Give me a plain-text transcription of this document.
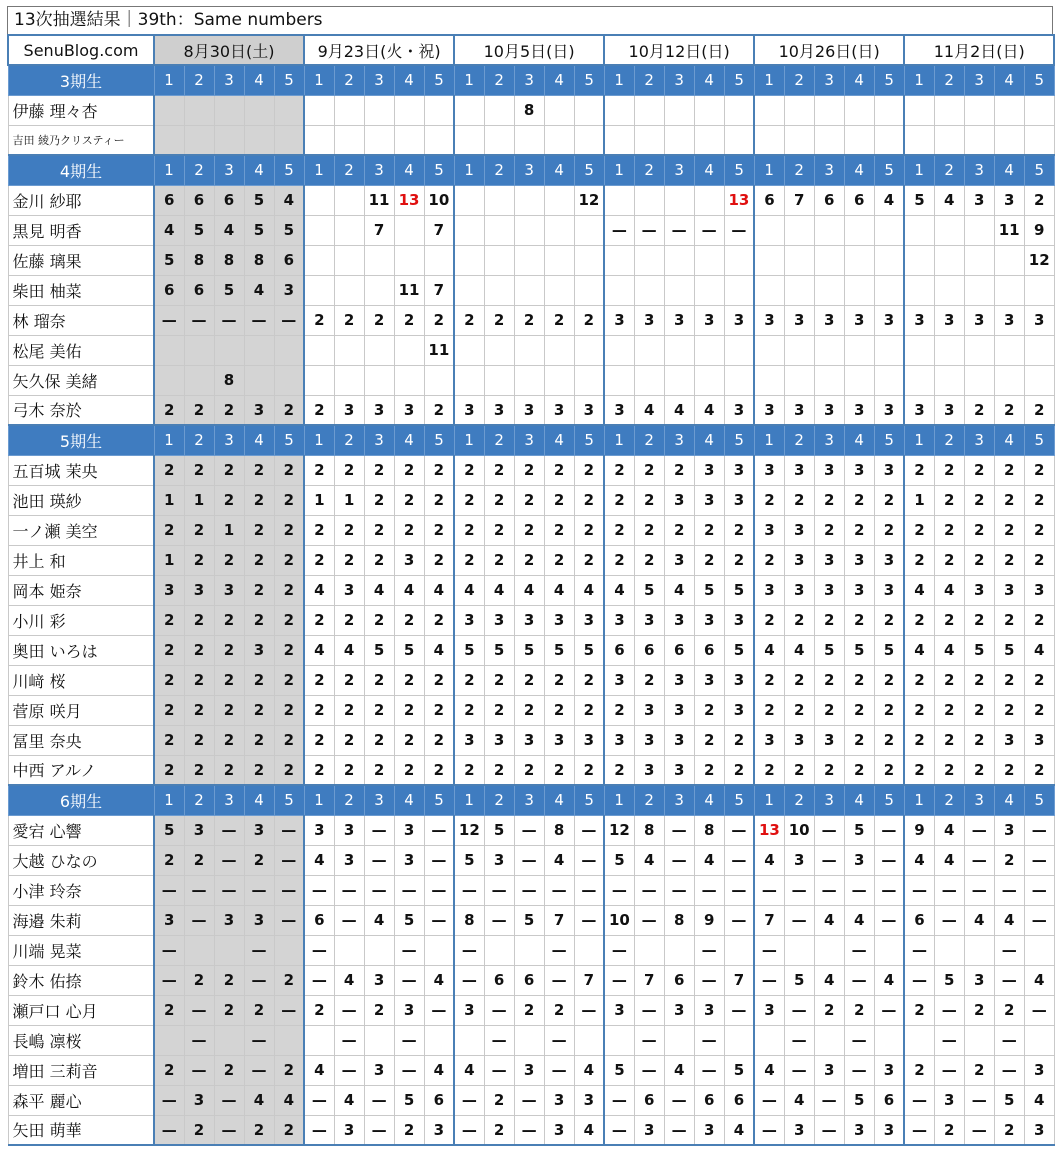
13次抽選結果｜39th：Same numbers
SenuBlog.com	8月30日(土)					9月23日(火・祝)					10月5日(日)					10月12日(日)					10月26日(日)					11月2日(日)				
3期生	1	2	3	4	5	1	2	3	4	5	1	2	3	4	5	1	2	3	4	5	1	2	3	4	5	1	2	3	4	5
伊藤 理々杏													8																	
吉田 綾乃クリスティー																														
4期生	1	2	3	4	5	1	2	3	4	5	1	2	3	4	5	1	2	3	4	5	1	2	3	4	5	1	2	3	4	5
金川 紗耶	6	6	6	5	4			11	13	10					12					13	6	7	6	6	4	5	4	3	3	2
黒見 明香	4	5	4	5	5			7		7						—	—	—	—	—									11	9
佐藤 璃果	5	8	8	8	6																									12
柴田 柚菜	6	6	5	4	3				11	7																				
林 瑠奈	—	—	—	—	—	2	2	2	2	2	2	2	2	2	2	3	3	3	3	3	3	3	3	3	3	3	3	3	3	3
松尾 美佑										11																				
矢久保 美緒			8																											
弓木 奈於	2	2	2	3	2	2	3	3	3	2	3	3	3	3	3	3	4	4	4	3	3	3	3	3	3	3	3	2	2	2
5期生	1	2	3	4	5	1	2	3	4	5	1	2	3	4	5	1	2	3	4	5	1	2	3	4	5	1	2	3	4	5
五百城 茉央	2	2	2	2	2	2	2	2	2	2	2	2	2	2	2	2	2	2	3	3	3	3	3	3	3	2	2	2	2	2
池田 瑛紗	1	1	2	2	2	1	1	2	2	2	2	2	2	2	2	2	2	3	3	3	2	2	2	2	2	1	2	2	2	2
一ノ瀬 美空	2	2	1	2	2	2	2	2	2	2	2	2	2	2	2	2	2	2	2	2	3	3	2	2	2	2	2	2	2	2
井上 和	1	2	2	2	2	2	2	2	3	2	2	2	2	2	2	2	2	3	2	2	2	3	3	3	3	2	2	2	2	2
岡本 姫奈	3	3	3	2	2	4	3	4	4	4	4	4	4	4	4	4	5	4	5	5	3	3	3	3	3	4	4	3	3	3
小川 彩	2	2	2	2	2	2	2	2	2	2	3	3	3	3	3	3	3	3	3	3	2	2	2	2	2	2	2	2	2	2
奥田 いろは	2	2	2	3	2	4	4	5	5	4	5	5	5	5	5	6	6	6	6	5	4	4	5	5	5	4	4	5	5	4
川﨑 桜	2	2	2	2	2	2	2	2	2	2	2	2	2	2	2	3	2	3	3	3	2	2	2	2	2	2	2	2	2	2
菅原 咲月	2	2	2	2	2	2	2	2	2	2	2	2	2	2	2	2	3	3	2	3	2	2	2	2	2	2	2	2	2	2
冨里 奈央	2	2	2	2	2	2	2	2	2	2	3	3	3	3	3	3	3	3	2	2	3	3	3	2	2	2	2	2	3	3
中西 アルノ	2	2	2	2	2	2	2	2	2	2	2	2	2	2	2	2	3	3	2	2	2	2	2	2	2	2	2	2	2	2
6期生	1	2	3	4	5	1	2	3	4	5	1	2	3	4	5	1	2	3	4	5	1	2	3	4	5	1	2	3	4	5
愛宕 心響	5	3	—	3	—	3	3	—	3	—	12	5	—	8	—	12	8	—	8	—	13	10	—	5	—	9	4	—	3	—
大越 ひなの	2	2	—	2	—	4	3	—	3	—	5	3	—	4	—	5	4	—	4	—	4	3	—	3	—	4	4	—	2	—
小津 玲奈	—	—	—	—	—	—	—	—	—	—	—	—	—	—	—	—	—	—	—	—	—	—	—	—	—	—	—	—	—	—
海邉 朱莉	3	—	3	3	—	6	—	4	5	—	8	—	5	7	—	10	—	8	9	—	7	—	4	4	—	6	—	4	4	—
川端 晃菜	—			—		—			—		—			—		—			—		—			—		—			—	
鈴木 佑捺	—	2	2	—	2	—	4	3	—	4	—	6	6	—	7	—	7	6	—	7	—	5	4	—	4	—	5	3	—	4
瀬戸口 心月	2	—	2	2	—	2	—	2	3	—	3	—	2	2	—	3	—	3	3	—	3	—	2	2	—	2	—	2	2	—
長嶋 凛桜		—		—			—		—			—		—			—		—			—		—			—		—	
増田 三莉音	2	—	2	—	2	4	—	3	—	4	4	—	3	—	4	5	—	4	—	5	4	—	3	—	3	2	—	2	—	3
森平 麗心	—	3	—	4	4	—	4	—	5	6	—	2	—	3	3	—	6	—	6	6	—	4	—	5	6	—	3	—	5	4
矢田 萌華	—	2	—	2	2	—	3	—	2	3	—	2	—	3	4	—	3	—	3	4	—	3	—	3	3	—	2	—	2	3
